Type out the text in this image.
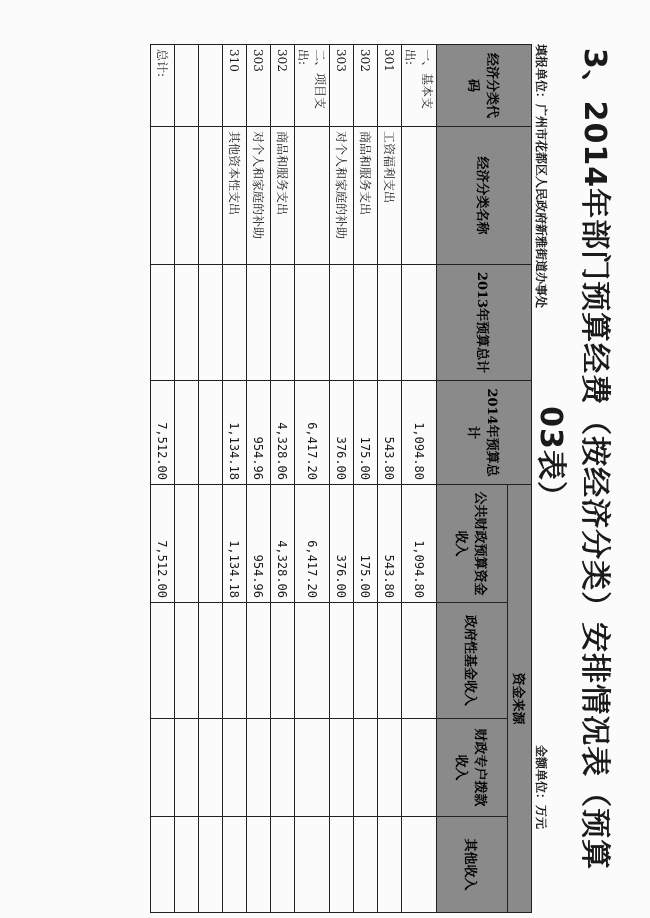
3、2014年部门预算经费（按经济分类）安排情况表（预算03表）
填报单位：广州市花都区人民政府新雅街道办事处
金额单位：万元
经济分类代码	经济分类名称	2013年预算总计	2014年预算总计	资金来源			
				公共财政预算资金收入	政府性基金收入	财政专户拨款收入	其他收入
一、基本支出:			1,094.80	1,094.80			
301	工资福利支出		543.80	543.80			
302	商品和服务支出		175.00	175.00			
303	对个人和家庭的补助		376.00	376.00			
二、项目支出:			6,417.20	6,417.20			
302	商品和服务支出		4,328.06	4,328.06			
303	对个人和家庭的补助		954.96	954.96			
310	其他资本性支出		1,134.18	1,134.18			

总计:			7,512.00	7,512.00			
